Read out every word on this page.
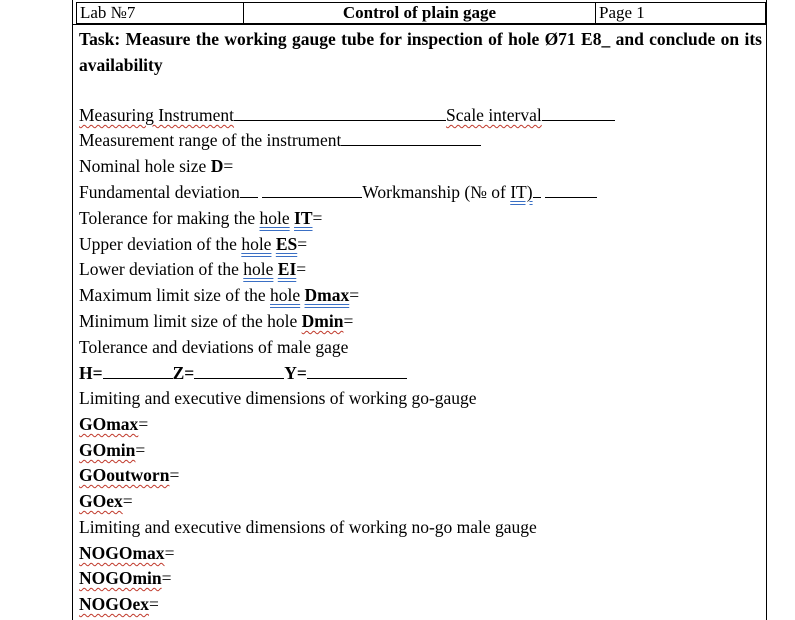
Lab №7	Control of plain gage	Page 1
Task: Measure the working gauge tube for inspection of hole Ø71 E8_ and conclude on its availability
Measuring Instrument	Scale interval
Measurement range of the instrument
Nominal hole size D=
Fundamental deviation	Workmanship (№ of IT)
Tolerance for making the hole IT=
Upper deviation of the hole ES=
Lower deviation of the hole EI=
Maximum limit size of the hole Dmax=
Minimum limit size of the hole Dmin=
Tolerance and deviations of male gage
H=	Z=	Y=
Limiting and executive dimensions of working go-gauge
GOmax=
GOmin=
GOoutworn=
GOex=
Limiting and executive dimensions of working no-go male gauge
NOGOmax=
NOGOmin=
NOGOex=
